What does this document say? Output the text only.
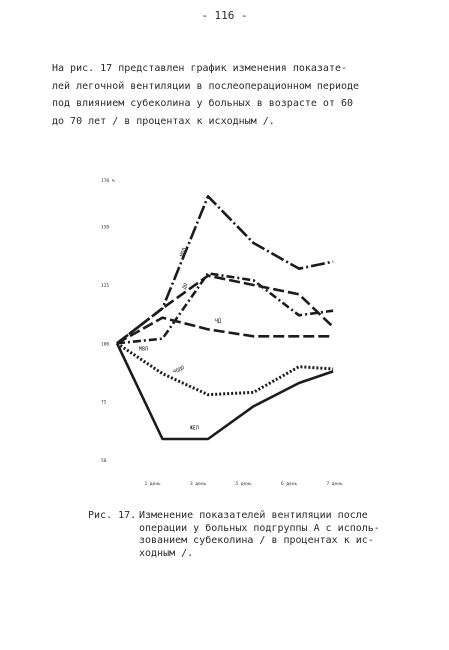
- 116 -

На рис. 17 представлен график изменения показате-
лей легочной вентиляции в послеоперационном периоде
под влиянием субеколина у больных в возрасте от 60
до 70 лет / в процентах к исходным /.

50
75
100
125
150
170 %
1 день	3 день	5 день	6 день	7 день
МОД
ЧД
ДО
МВЛ
ЖЕЛ
ЧОДО
Рис. 17. Изменение показателей вентиляции после
операции у больных подгруппы А с исполь-
зованием субеколина / в процентах к ис-
ходным /.
